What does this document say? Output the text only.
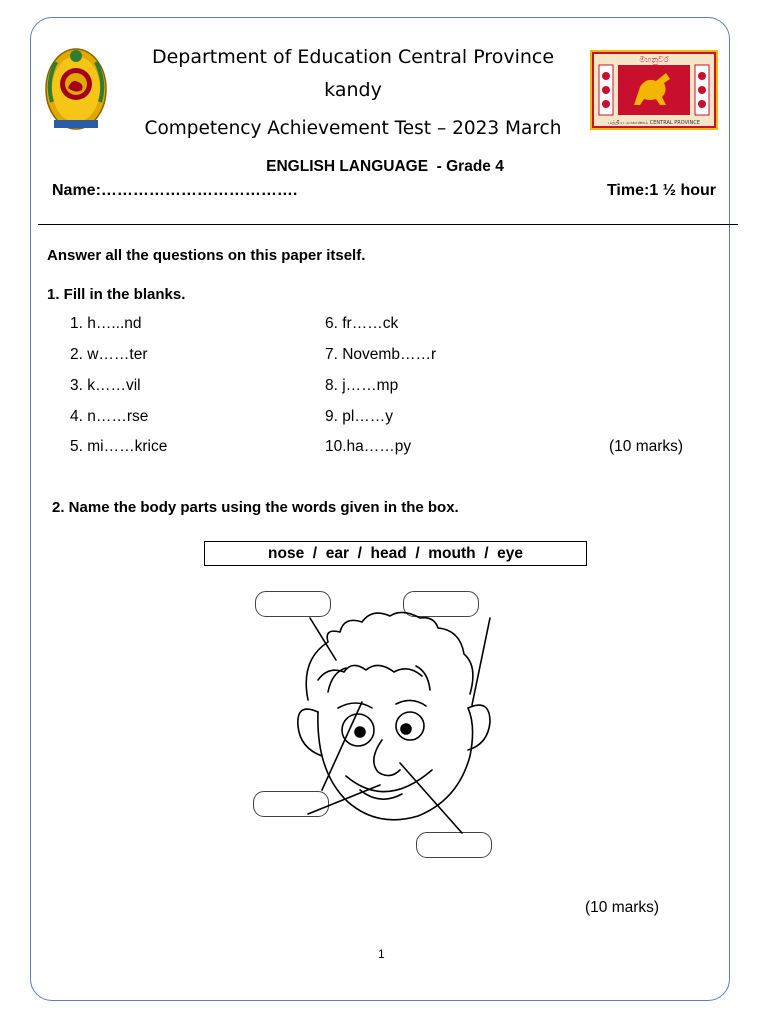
මහනුවර
மத்திய மாகாணம் CENTRAL PROVINCE
Department of Education Central Province
kandy
Competency Achievement Test – 2023 March
ENGLISH LANGUAGE  - Grade 4
Name:……………………………….	Time:1 ½ hour
Answer all the questions on this paper itself.
1. Fill in the blanks.
1. h…...nd
2. w……ter
3. k……vil
4. n……rse
5. mi……krice
6. fr……ck
7. Novemb……r
8. j……mp
9. pl……y
10.ha……py	(10 marks)
2. Name the body parts using the words given in the box.
nose  /  ear  /  head  /  mouth  /  eye
(10 marks)
1
